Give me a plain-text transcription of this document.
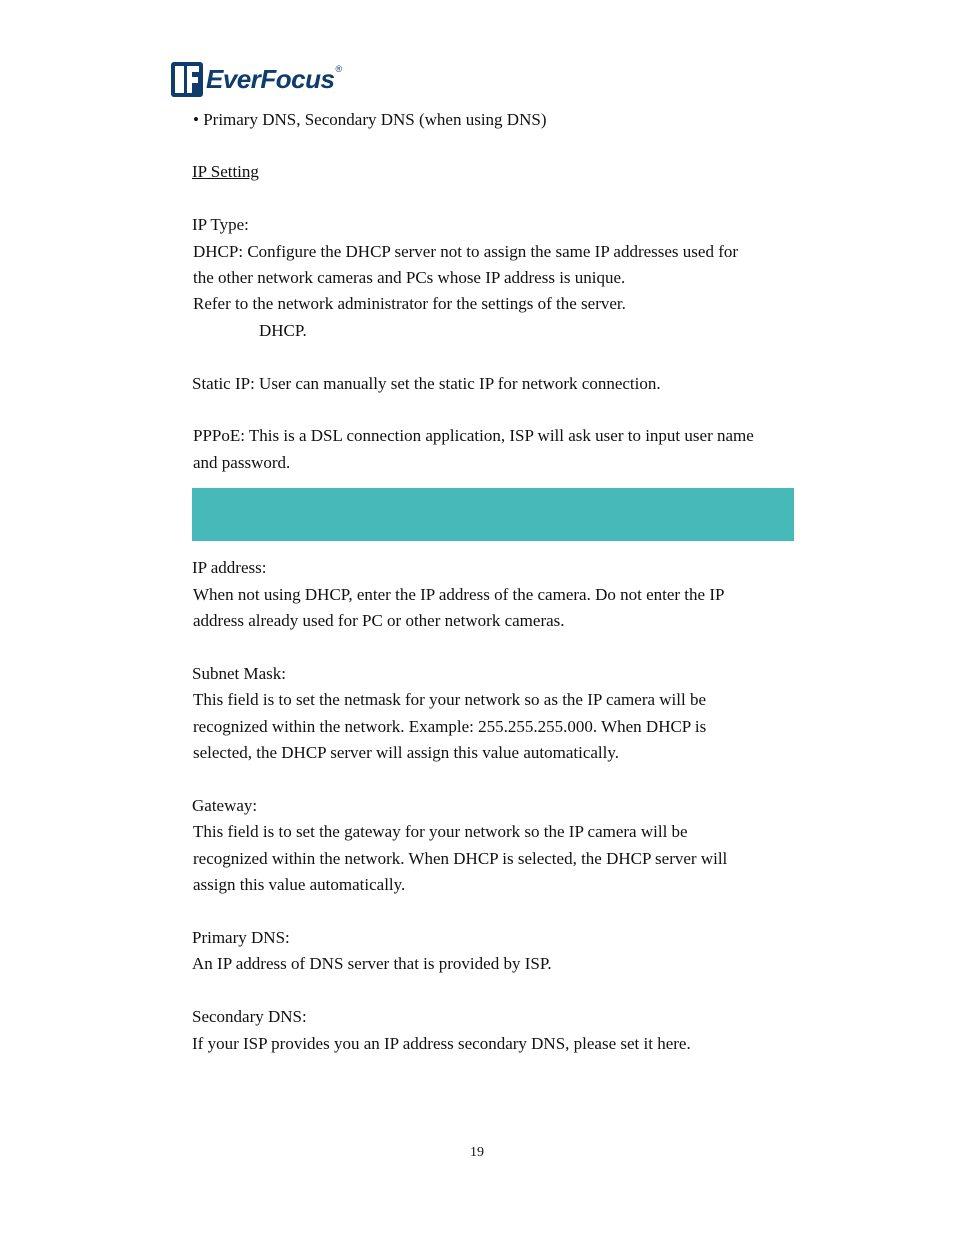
EverFocus ®
• Primary DNS, Secondary DNS (when using DNS)
IP Setting
IP Type:
DHCP: Configure the DHCP server not to assign the same IP addresses used for
the other network cameras and PCs whose IP address is unique.
Refer to the network administrator for the settings of the server.
DHCP.
Static IP: User can manually set the static IP for network connection.
PPPoE: This is a DSL connection application, ISP will ask user to input user name
and password.
IP address:
When not using DHCP, enter the IP address of the camera. Do not enter the IP
address already used for PC or other network cameras.
Subnet Mask:
This field is to set the netmask for your network so as the IP camera will be
recognized within the network. Example: 255.255.255.000. When DHCP is
selected, the DHCP server will assign this value automatically.
Gateway:
This field is to set the gateway for your network so the IP camera will be
recognized within the network. When DHCP is selected, the DHCP server will
assign this value automatically.
Primary DNS:
An IP address of DNS server that is provided by ISP.
Secondary DNS:
If your ISP provides you an IP address secondary DNS, please set it here.
19
